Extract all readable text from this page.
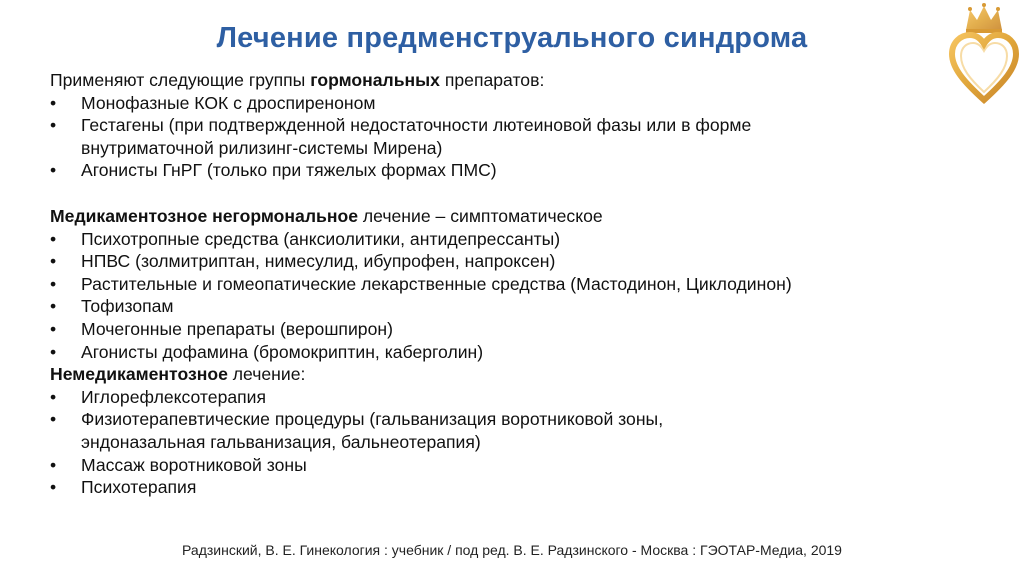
Лечение предменструального синдрома
Применяют следующие группы гормональных препаратов:
•	Монофазные КОК с дроспиреноном
•	Гестагены (при подтвержденной недостаточности лютеиновой фазы или в форме
внутриматочной рилизинг-системы Мирена)
•	Агонисты ГнРГ (только при тяжелых формах ПМС)
Медикаментозное негормональное лечение – симптоматическое
•	Психотропные средства (анксиолитики, антидепрессанты)
•	НПВС (золмитриптан, нимесулид, ибупрофен, напроксен)
•	Растительные и гомеопатические лекарственные средства (Мастодинон, Циклодинон)
•	Тофизопам
•	Мочегонные препараты (верошпирон)
•	Агонисты дофамина (бромокриптин, каберголин)
Немедикаментозное лечение:
•	Иглорефлексотерапия
•	Физиотерапевтические процедуры (гальванизация воротниковой зоны,
эндоназальная гальванизация, бальнеотерапия)
•	Массаж воротниковой зоны
•	Психотерапия
Радзинский, В. Е. Гинекология : учебник / под ред. В. Е. Радзинского - Москва : ГЭОТАР-Медиа, 2019
